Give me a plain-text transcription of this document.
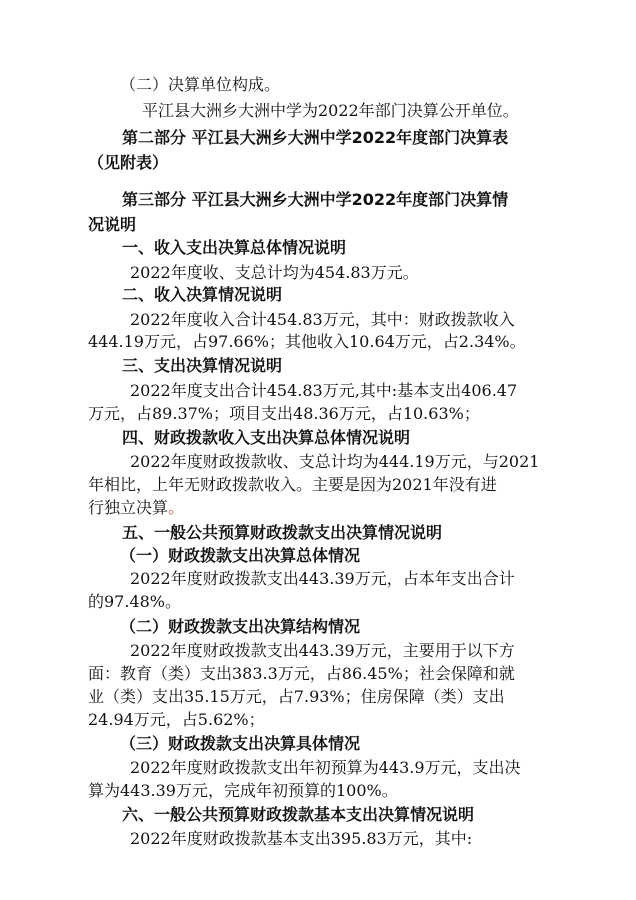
（二）决算单位构成。
平江县大洲乡大洲中学为2022年部门决算公开单位。
第二部分 平江县大洲乡大洲中学2022年度部门决算表
（见附表）
第三部分 平江县大洲乡大洲中学2022年度部门决算情
况说明
一、收入支出决算总体情况说明
2022年度收、支总计均为454.83万元。
二、收入决算情况说明
2022年度收入合计454.83万元，其中：财政拨款收入
444.19万元，占97.66%；其他收入10.64万元，占2.34%。
三、支出决算情况说明
2022年度支出合计454.83万元,其中:基本支出406.47
万元，占89.37%；项目支出48.36万元，占10.63%；
四、财政拨款收入支出决算总体情况说明
2022年度财政拨款收、支总计均为444.19万元，与2021
年相比，上年无财政拨款收入。主要是因为2021年没有进
行独立决算。
五、一般公共预算财政拨款支出决算情况说明
（一）财政拨款支出决算总体情况
2022年度财政拨款支出443.39万元，占本年支出合计
的97.48%。
（二）财政拨款支出决算结构情况
2022年度财政拨款支出443.39万元，主要用于以下方
面：教育（类）支出383.3万元，占86.45%；社会保障和就
业（类）支出35.15万元，占7.93%；住房保障（类）支出
24.94万元，占5.62%；
（三）财政拨款支出决算具体情况
2022年度财政拨款支出年初预算为443.9万元，支出决
算为443.39万元，完成年初预算的100%。
六、一般公共预算财政拨款基本支出决算情况说明
2022年度财政拨款基本支出395.83万元，其中:
